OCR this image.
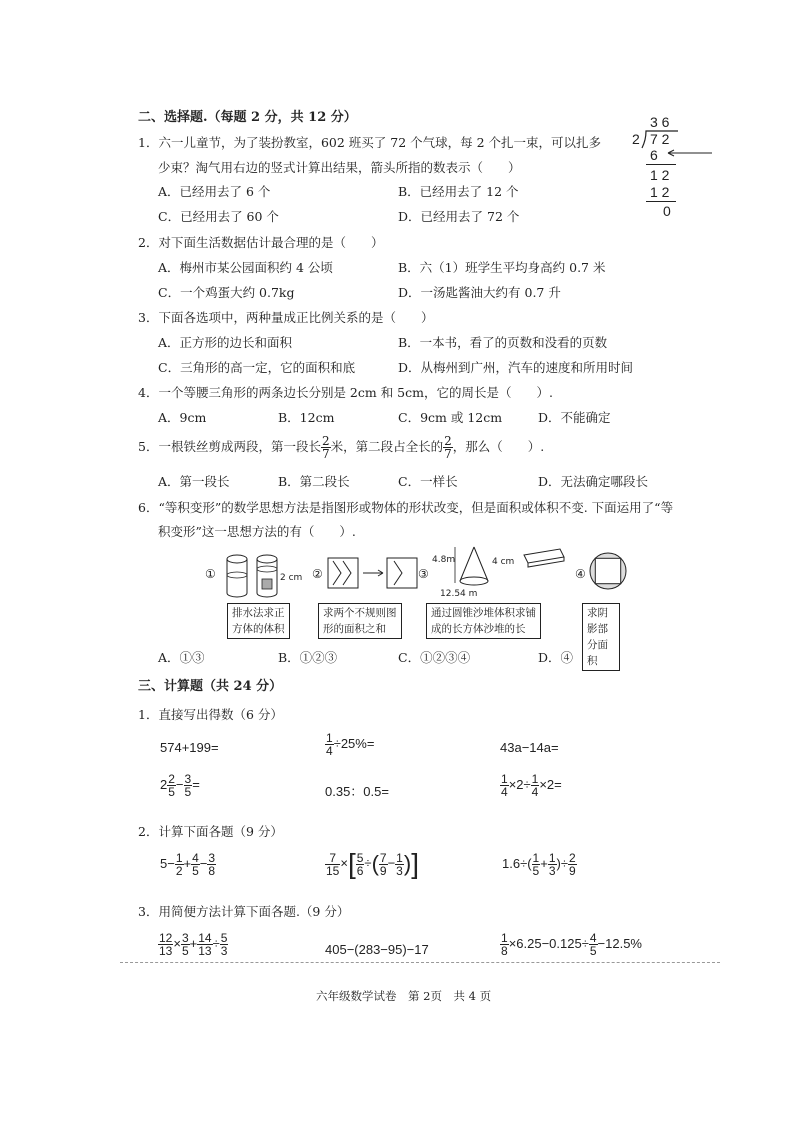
二、选择题.（每题 2 分，共 12 分）
1．六一儿童节，为了装扮教室，602 班买了 72 个气球，每 2 个扎一束，可以扎多
少束？淘气用右边的竖式计算出结果，箭头所指的数表示（　　）
A．已经用去了 6 个	B．已经用去了 12 个
C．已经用去了 60 个	D．已经用去了 72 个
3 6
2 7 2
6
1 2
1 2
0
2．对下面生活数据估计最合理的是（　　）
A．梅州市某公园面积约 4 公顷	B．六（1）班学生平均身高约 0.7 米
C．一个鸡蛋大约 0.7kg	D．一汤匙酱油大约有 0.7 升
3．下面各选项中，两种量成正比例关系的是（　　）
A．正方形的边长和面积	B．一本书，看了的页数和没看的页数
C．三角形的高一定，它的面积和底	D．从梅州到广州，汽车的速度和所用时间
4．一个等腰三角形的两条边长分别是 2cm 和 5cm，它的周长是（　　）.
A．9cm	B．12cm	C．9cm 或 12cm	D．不能确定
5．一根铁丝剪成两段，第一段长 $\frac{2}{7}$ 米，第二段占全长的 $\frac{2}{7}$ ，那么（　　）.
A．第一段长	B．第二段长	C．一样长	D．无法确定哪段长
6．“等积变形”的数学思想方法是指图形或物体的形状改变，但是面积或体积不变. 下面运用了“等
积变形”这一思想方法的有（　　）.
①	2 cm
排水法求正
方体的体积
②
求两个不规则图
形的面积之和
③
4.8m	4 cm
12.54 m
通过圆锥沙堆体积求铺
成的长方体沙堆的长
④
求阴影部
分面积
A．①③	B．①②③	C．①②③④	D．④
三、计算题（共 24 分）
1．直接写出得数（6 分）
574+199=	$\frac{1}{4} \div 25\%=$	43a−14a=
$2 \frac{2}{5} - \frac{3}{5}$ =	0.35：0.5=	$\frac{1}{4} \times 2\div \frac{1}{4} \times 2=$
2．计算下面各题（9 分）
$5- \frac{1}{2} + \frac{4}{5} - \frac{3}{8}$	$\frac{7}{15}$ ×[ $\frac{5}{6}$ ÷( $\frac{7}{9} - \frac{1}{3}$ )]	$1.6\div( \frac{1}{5} + \frac{1}{3}$ )÷ $\frac{2}{9}$
3．用简便方法计算下面各题.（9 分）
$\frac{12}{13} \times \frac{3}{5} + \frac{14}{13} \div \frac{5}{3}$	405−(283−95)−17	$\frac{1}{8} \times 6.25-0.125\div \frac{4}{5} -12.5\%$
六年级数学试卷　第 2页　共 4 页
